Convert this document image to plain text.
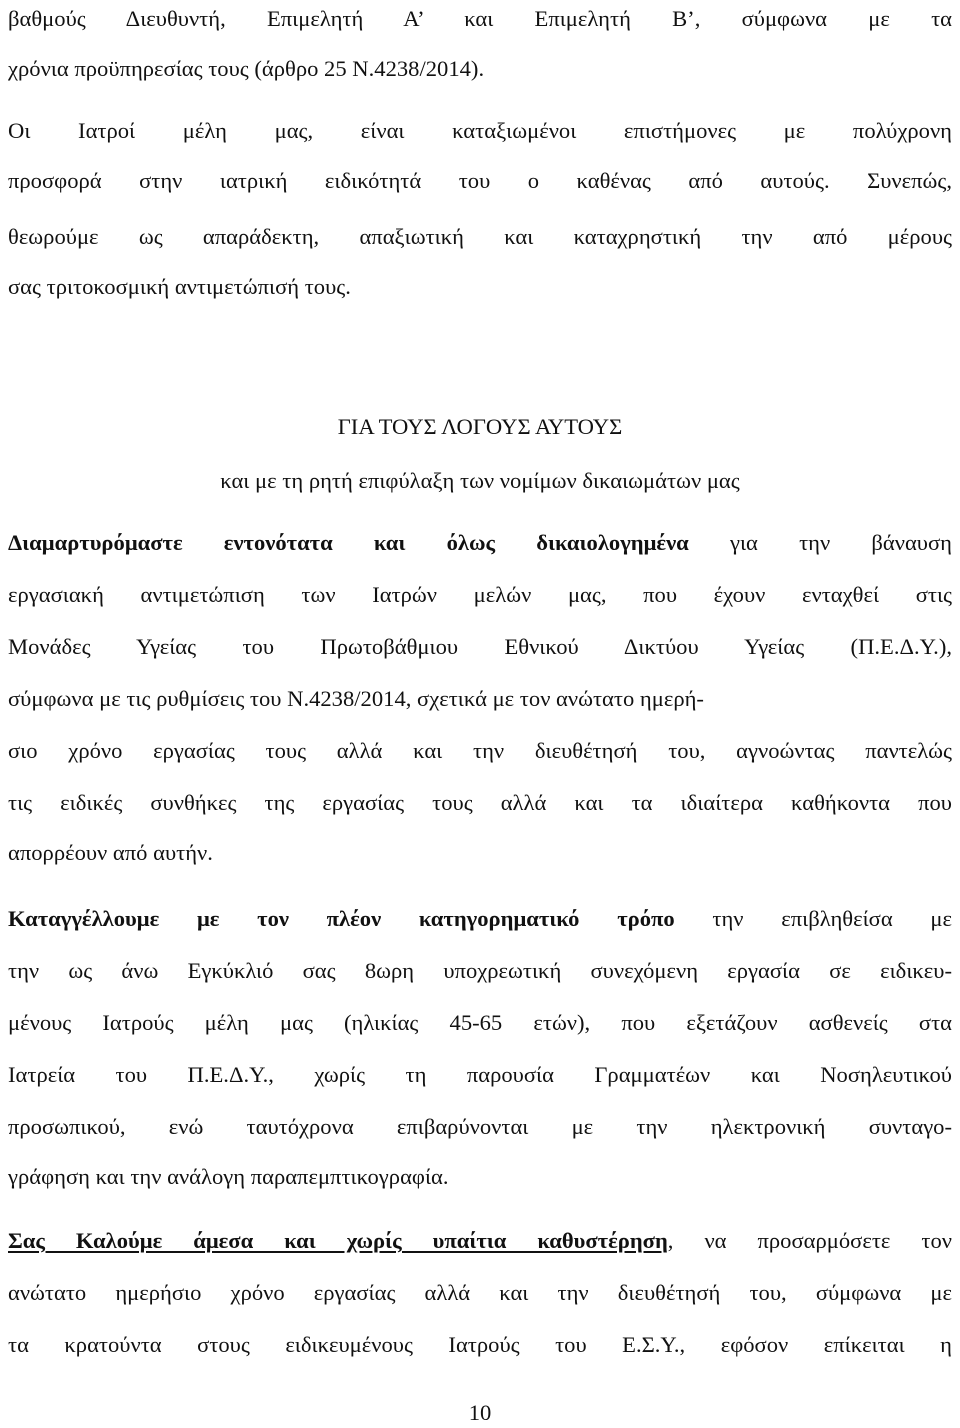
βαθμούς Διευθυντή, Επιμελητή Α’ και Επιμελητή Β’, σύμφωνα με τα

χρόνια προϋπηρεσίας τους (άρθρο 25 Ν.4238/2014).

Οι Ιατροί μέλη μας, είναι καταξιωμένοι επιστήμονες με πολύχρονη

προσφορά στην ιατρική ειδικότητά του ο καθένας από αυτούς. Συνεπώς,

θεωρούμε ως απαράδεκτη, απαξιωτική και καταχρηστική την από μέρους

σας τριτοκοσμική αντιμετώπισή τους.

ΓΙΑ ΤΟΥΣ ΛΟΓΟΥΣ ΑΥΤΟΥΣ

και με τη ρητή επιφύλαξη των νομίμων δικαιωμάτων μας

Διαμαρτυρόμαστε εντονότατα και όλως δικαιολογημένα για την βάναυση

εργασιακή αντιμετώπιση των Ιατρών μελών μας, που έχουν ενταχθεί στις

Μονάδες Υγείας του Πρωτοβάθμιου Εθνικού Δικτύου Υγείας (Π.Ε.Δ.Υ.),

σύμφωνα με τις ρυθμίσεις του Ν.4238/2014, σχετικά με τον ανώτατο ημερή-

σιο χρόνο εργασίας τους αλλά και την διευθέτησή του, αγνοώντας παντελώς

τις ειδικές συνθήκες της εργασίας τους αλλά και τα ιδιαίτερα καθήκοντα που

απορρέουν από αυτήν.

Καταγγέλλουμε με τον πλέον κατηγορηματικό τρόπο την επιβληθείσα με

την ως άνω Εγκύκλιό σας 8ωρη υποχρεωτική συνεχόμενη εργασία σε ειδικευ-

μένους Ιατρούς μέλη μας (ηλικίας 45-65 ετών), που εξετάζουν ασθενείς στα

Ιατρεία του Π.Ε.Δ.Υ., χωρίς τη παρουσία Γραμματέων και Νοσηλευτικού

προσωπικού, ενώ ταυτόχρονα επιβαρύνονται με την ηλεκτρονική συνταγο-

γράφηση και την ανάλογη παραπεμπτικογραφία.

Σας Καλούμε άμεσα και χωρίς υπαίτια καθυστέρηση, να προσαρμόσετε τον

ανώτατο ημερήσιο χρόνο εργασίας αλλά και την διευθέτησή του, σύμφωνα με

τα κρατούντα στους ειδικευμένους Ιατρούς του Ε.Σ.Υ., εφόσον επίκειται η

10
